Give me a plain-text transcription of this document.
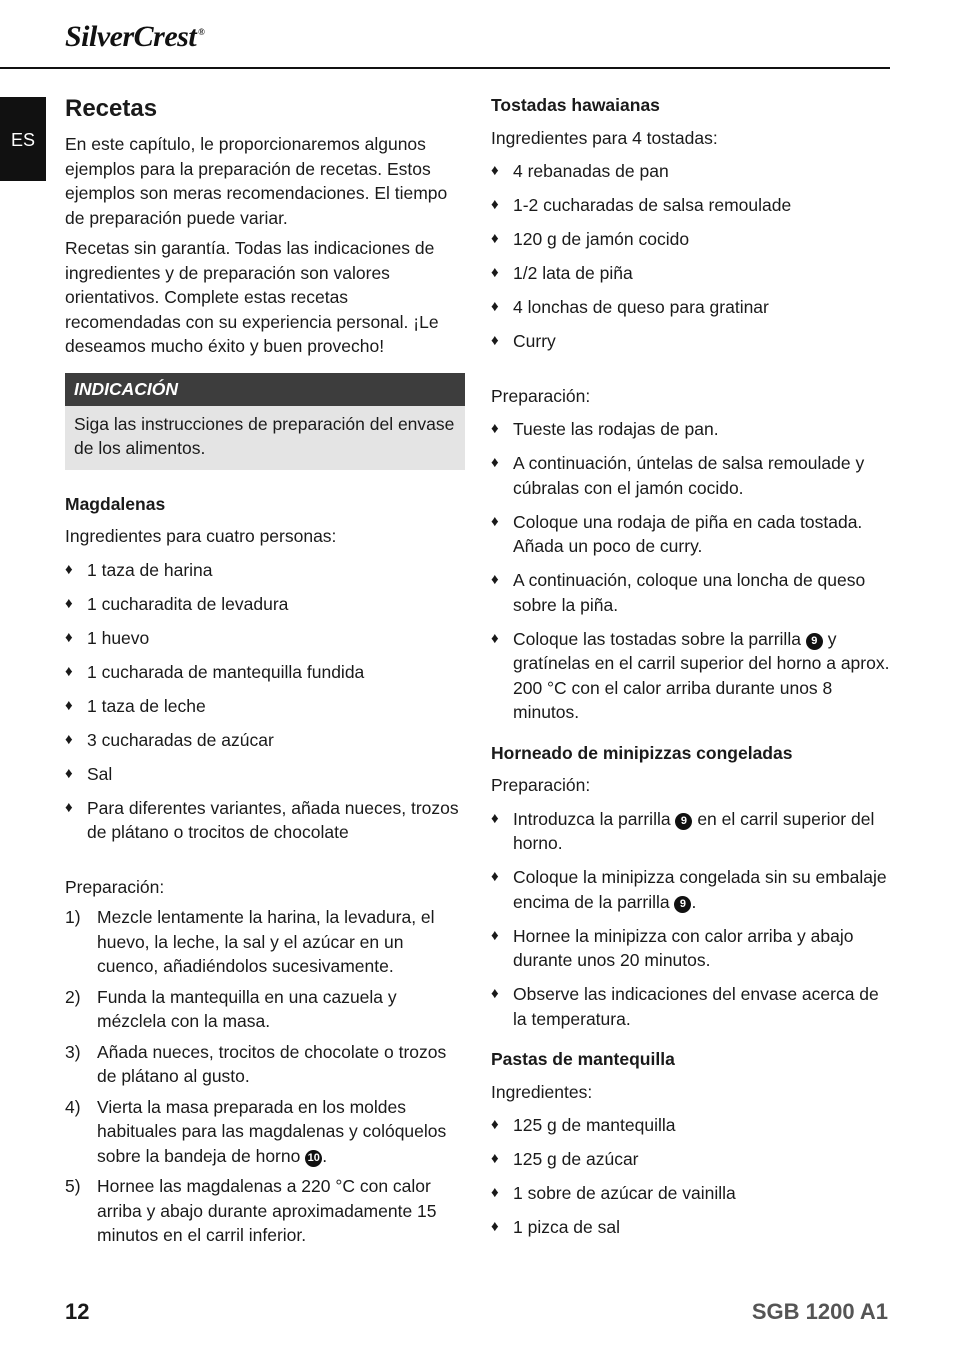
SilverCrest ®
ES
Recetas

En este capítulo, le proporcionaremos algunos ejemplos para la preparación de recetas. Estos ejemplos son meras recomendaciones. El tiempo de preparación puede variar.

Recetas sin garantía. Todas las indicaciones de ingredientes y de preparación son valores orientativos. Complete estas recetas recomendadas con su experiencia personal. ¡Le deseamos mucho éxito y buen provecho!

INDICACIÓN
Siga las instrucciones de preparación del envase de los alimentos.
Magdalenas

Ingredientes para cuatro personas:

♦ 1 taza de harina
♦ 1 cucharadita de levadura
♦ 1 huevo
♦ 1 cucharada de mantequilla fundida
♦ 1 taza de leche
♦ 3 cucharadas de azúcar
♦ Sal
♦ Para diferentes variantes, añada nueces, trozos de plátano o trocitos de chocolate

Preparación:

1) Mezcle lentamente la harina, la levadura, el huevo, la leche, la sal y el azúcar en un cuenco, añadiéndolos sucesivamente.
2) Funda la mantequilla en una cazuela y mézclela con la masa.
3) Añada nueces, trocitos de chocolate o trozos de plátano al gusto.
4) Vierta la masa preparada en los moldes habituales para las magdalenas y colóquelos sobre la bandeja de horno 10 .
5) Hornee las magdalenas a 220 °C con calor arriba y abajo durante aproximadamente 15 minutos en el carril inferior.
Tostadas hawaianas

Ingredientes para 4 tostadas:

♦ 4 rebanadas de pan
♦ 1-2 cucharadas de salsa remoulade
♦ 120 g de jamón cocido
♦ 1/2 lata de piña
♦ 4 lonchas de queso para gratinar
♦ Curry

Preparación:

♦ Tueste las rodajas de pan.
♦ A continuación, úntelas de salsa remoulade y cúbralas con el jamón cocido.
♦ Coloque una rodaja de piña en cada tostada. Añada un poco de curry.
♦ A continuación, coloque una loncha de queso sobre la piña.
♦ Coloque las tostadas sobre la parrilla 9 y gratínelas en el carril superior del horno a aprox. 200 °C con el calor arriba durante unos 8 minutos.
Horneado de minipizzas congeladas

Preparación:

♦ Introduzca la parrilla 9 en el carril superior del horno.
♦ Coloque la minipizza congelada sin su embalaje encima de la parrilla 9 .
♦ Hornee la minipizza con calor arriba y abajo durante unos 20 minutos.
♦ Observe las indicaciones del envase acerca de la temperatura.
Pastas de mantequilla

Ingredientes:

♦ 125 g de mantequilla
♦ 125 g de azúcar
♦ 1 sobre de azúcar de vainilla
♦ 1 pizca de sal
12	SGB 1200 A1
